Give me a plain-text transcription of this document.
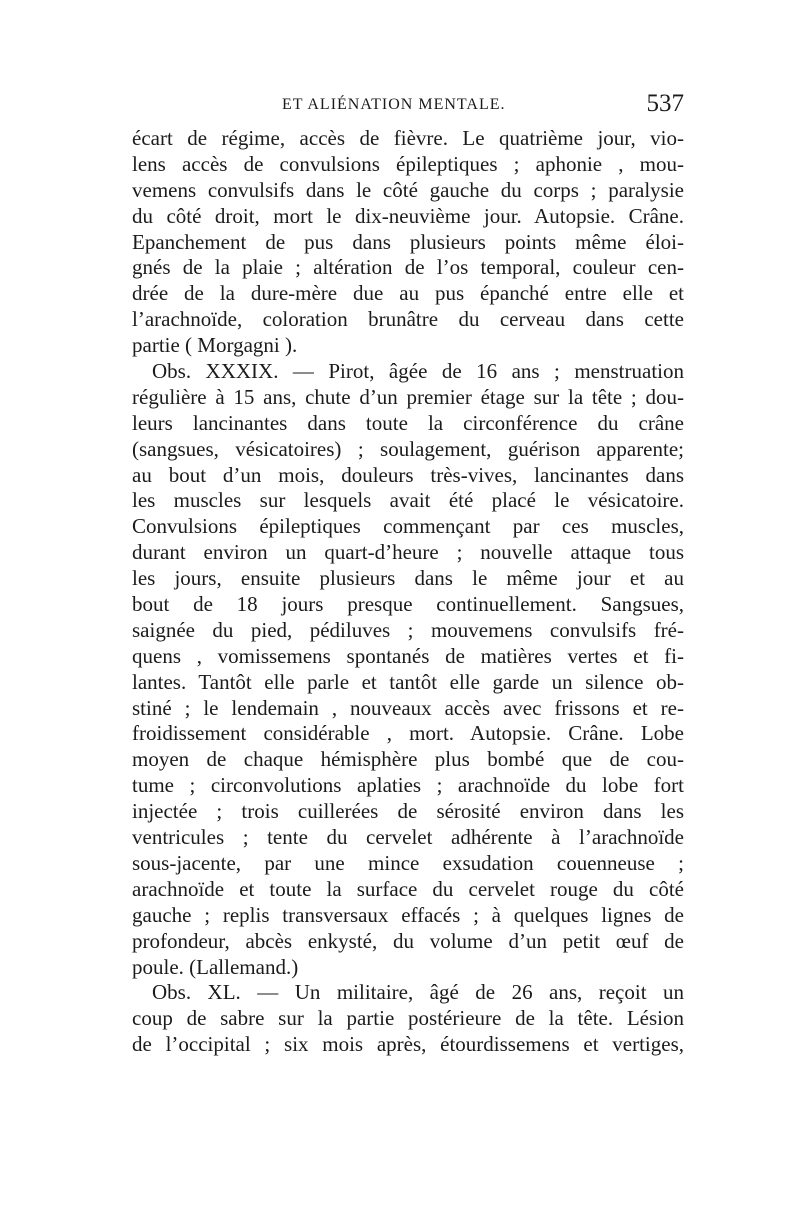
ET ALIÉNATION MENTALE.	537
écart de régime, accès de fièvre. Le quatrième jour, vio-
lens accès de convulsions épileptiques ; aphonie , mou-
vemens convulsifs dans le côté gauche du corps ; paralysie
du côté droit, mort le dix-neuvième jour. Autopsie. Crâne.
Epanchement de pus dans plusieurs points même éloi-
gnés de la plaie ; altération de l’os temporal, couleur cen-
drée de la dure-mère due au pus épanché entre elle et
l’arachnoïde, coloration brunâtre du cerveau dans cette
partie ( Morgagni ).
Obs. XXXIX. — Pirot, âgée de 16 ans ; menstruation
régulière à 15 ans, chute d’un premier étage sur la tête ; dou-
leurs lancinantes dans toute la circonférence du crâne
(sangsues, vésicatoires) ; soulagement, guérison apparente;
au bout d’un mois, douleurs très-vives, lancinantes dans
les muscles sur lesquels avait été placé le vésicatoire.
Convulsions épileptiques commençant par ces muscles,
durant environ un quart-d’heure ; nouvelle attaque tous
les jours, ensuite plusieurs dans le même jour et au
bout de 18 jours presque continuellement. Sangsues,
saignée du pied, pédiluves ; mouvemens convulsifs fré-
quens , vomissemens spontanés de matières vertes et fi-
lantes. Tantôt elle parle et tantôt elle garde un silence ob-
stiné ; le lendemain , nouveaux accès avec frissons et re-
froidissement considérable , mort. Autopsie. Crâne. Lobe
moyen de chaque hémisphère plus bombé que de cou-
tume ; circonvolutions aplaties ; arachnoïde du lobe fort
injectée ; trois cuillerées de sérosité environ dans les
ventricules ; tente du cervelet adhérente à l’arachnoïde
sous-jacente, par une mince exsudation couenneuse ;
arachnoïde et toute la surface du cervelet rouge du côté
gauche ; replis transversaux effacés ; à quelques lignes de
profondeur, abcès enkysté, du volume d’un petit œuf de
poule. (Lallemand.)
Obs. XL. — Un militaire, âgé de 26 ans, reçoit un
coup de sabre sur la partie postérieure de la tête. Lésion
de l’occipital ; six mois après, étourdissemens et vertiges,
